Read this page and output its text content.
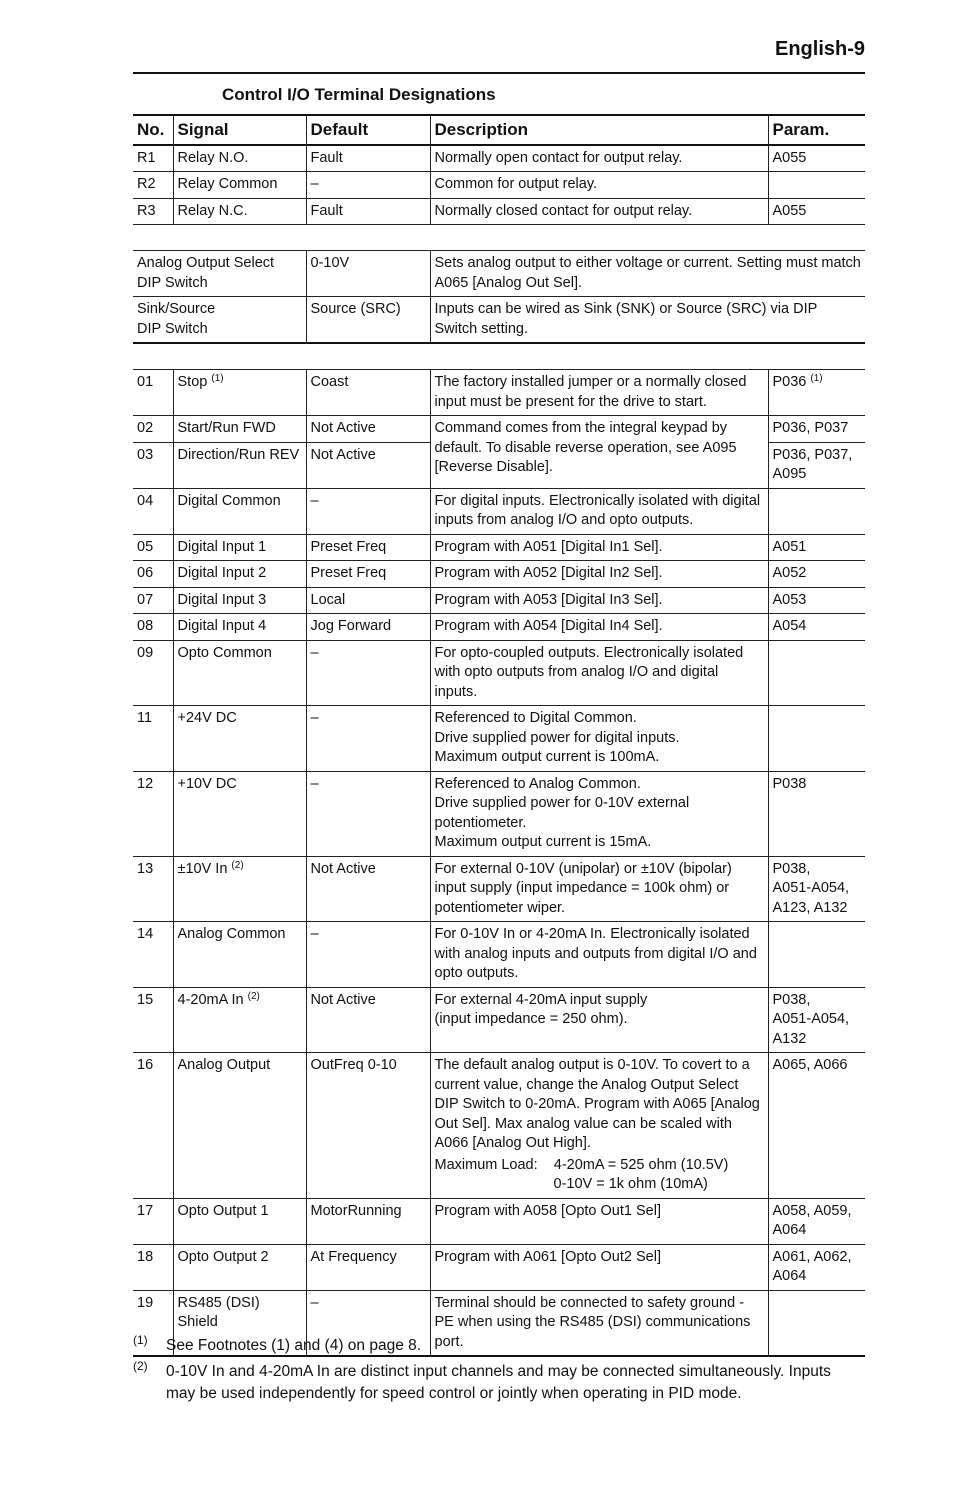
English-9
Control I/O Terminal Designations
No.	Signal	Default	Description	Param.
R1	Relay N.O.	Fault	Normally open contact for output relay.	A055
R2	Relay Common	–	Common for output relay.	
R3	Relay N.C.	Fault	Normally closed contact for output relay.	A055
Analog Output Select
DIP Switch	0-10V	Sets analog output to either voltage or current. Setting must match A065 [Analog Out Sel].
Sink/Source
DIP Switch	Source (SRC)	Inputs can be wired as Sink (SNK) or Source (SRC) via DIP Switch setting.
01	Stop $^{(1)}$	Coast	The factory installed jumper or a normally closed input must be present for the drive to start.	P036 $^{(1)}$
02	Start/Run FWD	Not Active	Command comes from the integral keypad by default. To disable reverse operation, see A095 [Reverse Disable].	P036, P037
03	Direction/Run REV	Not Active		P036, P037,
A095
04	Digital Common	–	For digital inputs. Electronically isolated with digital inputs from analog I/O and opto outputs.	
05	Digital Input 1	Preset Freq	Program with A051 [Digital In1 Sel].	A051
06	Digital Input 2	Preset Freq	Program with A052 [Digital In2 Sel].	A052
07	Digital Input 3	Local	Program with A053 [Digital In3 Sel].	A053
08	Digital Input 4	Jog Forward	Program with A054 [Digital In4 Sel].	A054
09	Opto Common	–	For opto-coupled outputs. Electronically isolated with opto outputs from analog I/O and digital inputs.	
11	+24V DC	–	Referenced to Digital Common.
Drive supplied power for digital inputs.
Maximum output current is 100mA.	
12	+10V DC	–	Referenced to Analog Common.
Drive supplied power for 0-10V external potentiometer.
Maximum output current is 15mA.	P038
13	±10V In $^{(2)}$	Not Active	For external 0-10V (unipolar) or ±10V (bipolar) input supply (input impedance = 100k ohm) or potentiometer wiper.	P038,
A051-A054,
A123, A132
14	Analog Common	–	For 0-10V In or 4-20mA In. Electronically isolated with analog inputs and outputs from digital I/O and opto outputs.	
15	4-20mA In $^{(2)}$	Not Active	For external 4-20mA input supply
(input impedance = 250 ohm).	P038,
A051-A054,
A132
16	Analog Output	OutFreq 0-10	The default analog output is 0-10V. To covert to a current value, change the Analog Output Select DIP Switch to 0-20mA. Program with A065 [Analog Out Sel]. Max analog value can be scaled with A066 [Analog Out High].
Maximum Load: 4-20mA = 525 ohm (10.5V)
0-10V = 1k ohm (10mA)	A065, A066
17	Opto Output 1	MotorRunning	Program with A058 [Opto Out1 Sel]	A058, A059,
A064
18	Opto Output 2	At Frequency	Program with A061 [Opto Out2 Sel]	A061, A062,
A064
19	RS485 (DSI) Shield	–	Terminal should be connected to safety ground - PE when using the RS485 (DSI) communications port.	
(1) See Footnotes (1) and (4) on page 8.
(2) 0-10V In and 4-20mA In are distinct input channels and may be connected simultaneously. Inputs may be used independently for speed control or jointly when operating in PID mode.
